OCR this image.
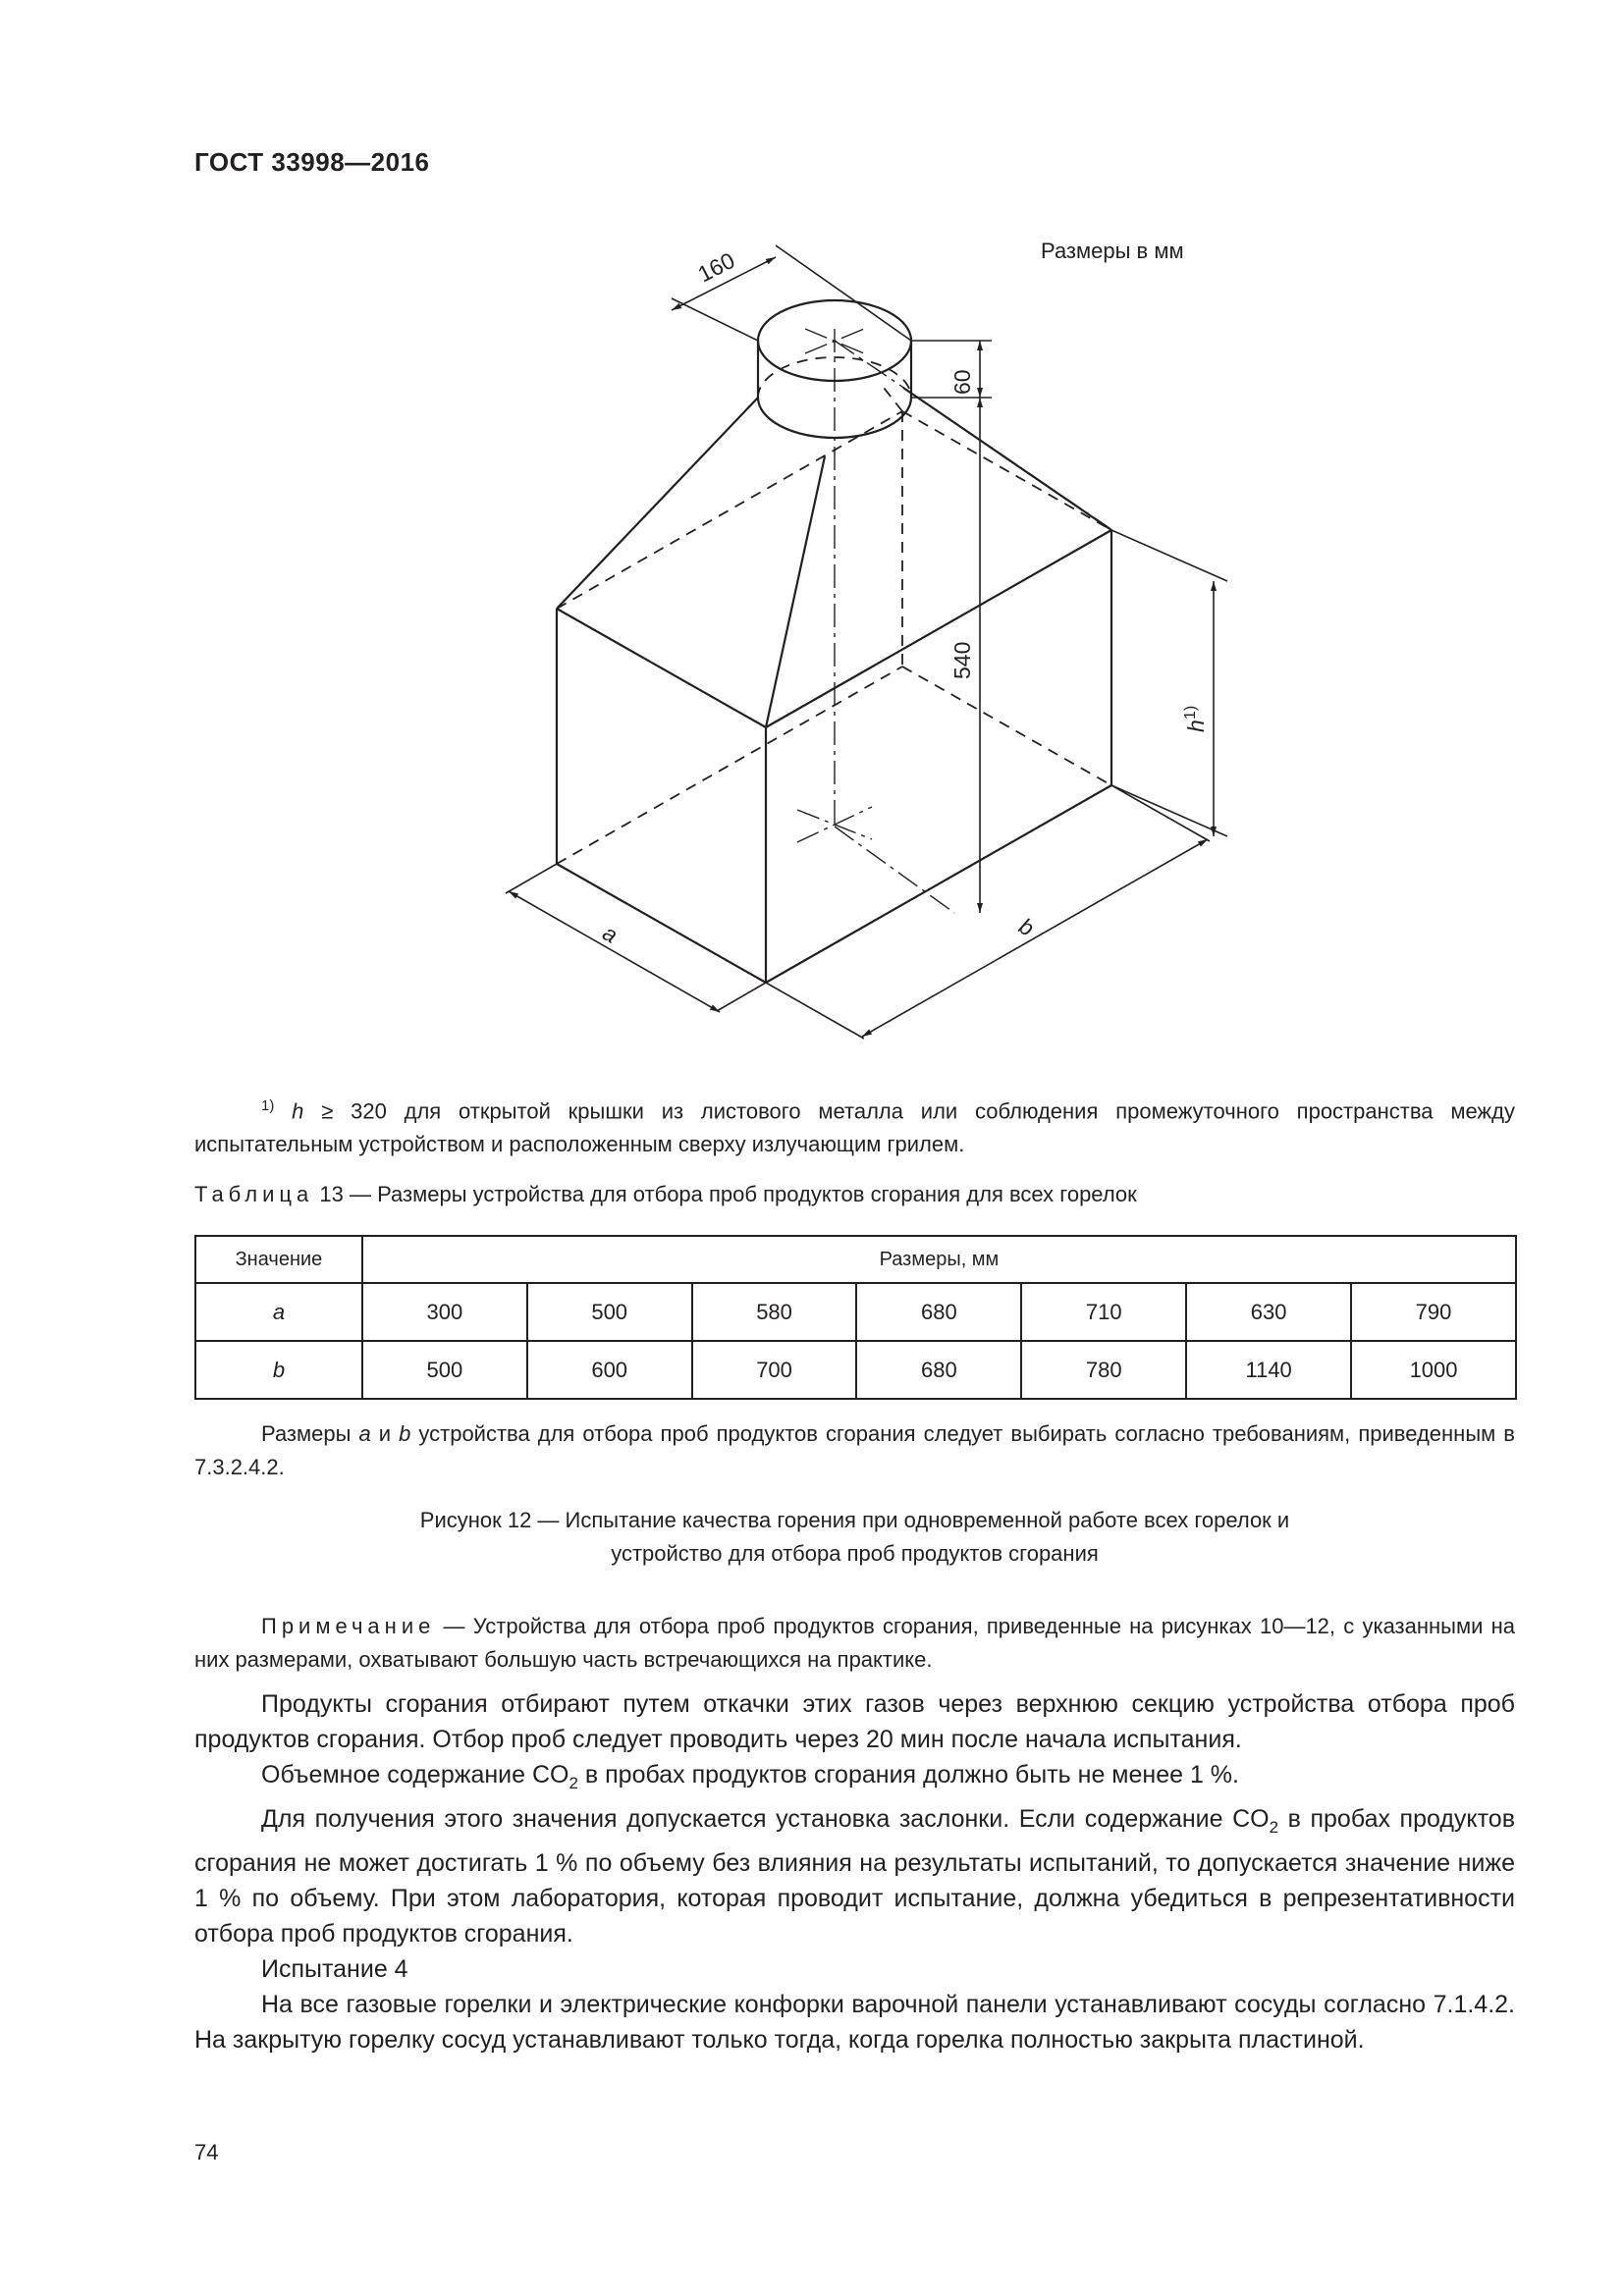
ГОСТ 33998—2016
Размеры в мм
160
60
540
h
1)
a	b
$^{1)}$ h ≥ 320 для открытой крышки из листового металла или соблюдения промежуточного пространства между испытательным устройством и расположенным сверху излучающим грилем.
Таблица 13 — Размеры устройства для отбора проб продуктов сгорания для всех горелок
Значение	Размеры, мм						
a	300	500	580	680	710	630	790
b	500	600	700	680	780	1140	1000
Размеры a и b устройства для отбора проб продуктов сгорания следует выбирать согласно требованиям, приведенным в 7.3.2.4.2.
Рисунок 12 — Испытание качества горения при одновременной работе всех горелок и
устройство для отбора проб продуктов сгорания
Примечание — Устройства для отбора проб продуктов сгорания, приведенные на рисунках 10—12, с указанными на них размерами, охватывают большую часть встречающихся на практике.

Продукты сгорания отбирают путем откачки этих газов через верхнюю секцию устройства отбора проб продуктов сгорания. Отбор проб следует проводить через 20 мин после начала испытания.

Объемное содержание $CO_2$ в пробах продуктов сгорания должно быть не менее 1 %.

Для получения этого значения допускается установка заслонки. Если содержание $CO_2$ в пробах продуктов сгорания не может достигать 1 % по объему без влияния на результаты испытаний, то допускается значение ниже 1 % по объему. При этом лаборатория, которая проводит испытание, должна убедиться в репрезентативности отбора проб продуктов сгорания.

Испытание 4

На все газовые горелки и электрические конфорки варочной панели устанавливают сосуды согласно 7.1.4.2. На закрытую горелку сосуд устанавливают только тогда, когда горелка полностью закрыта пластиной.

74
